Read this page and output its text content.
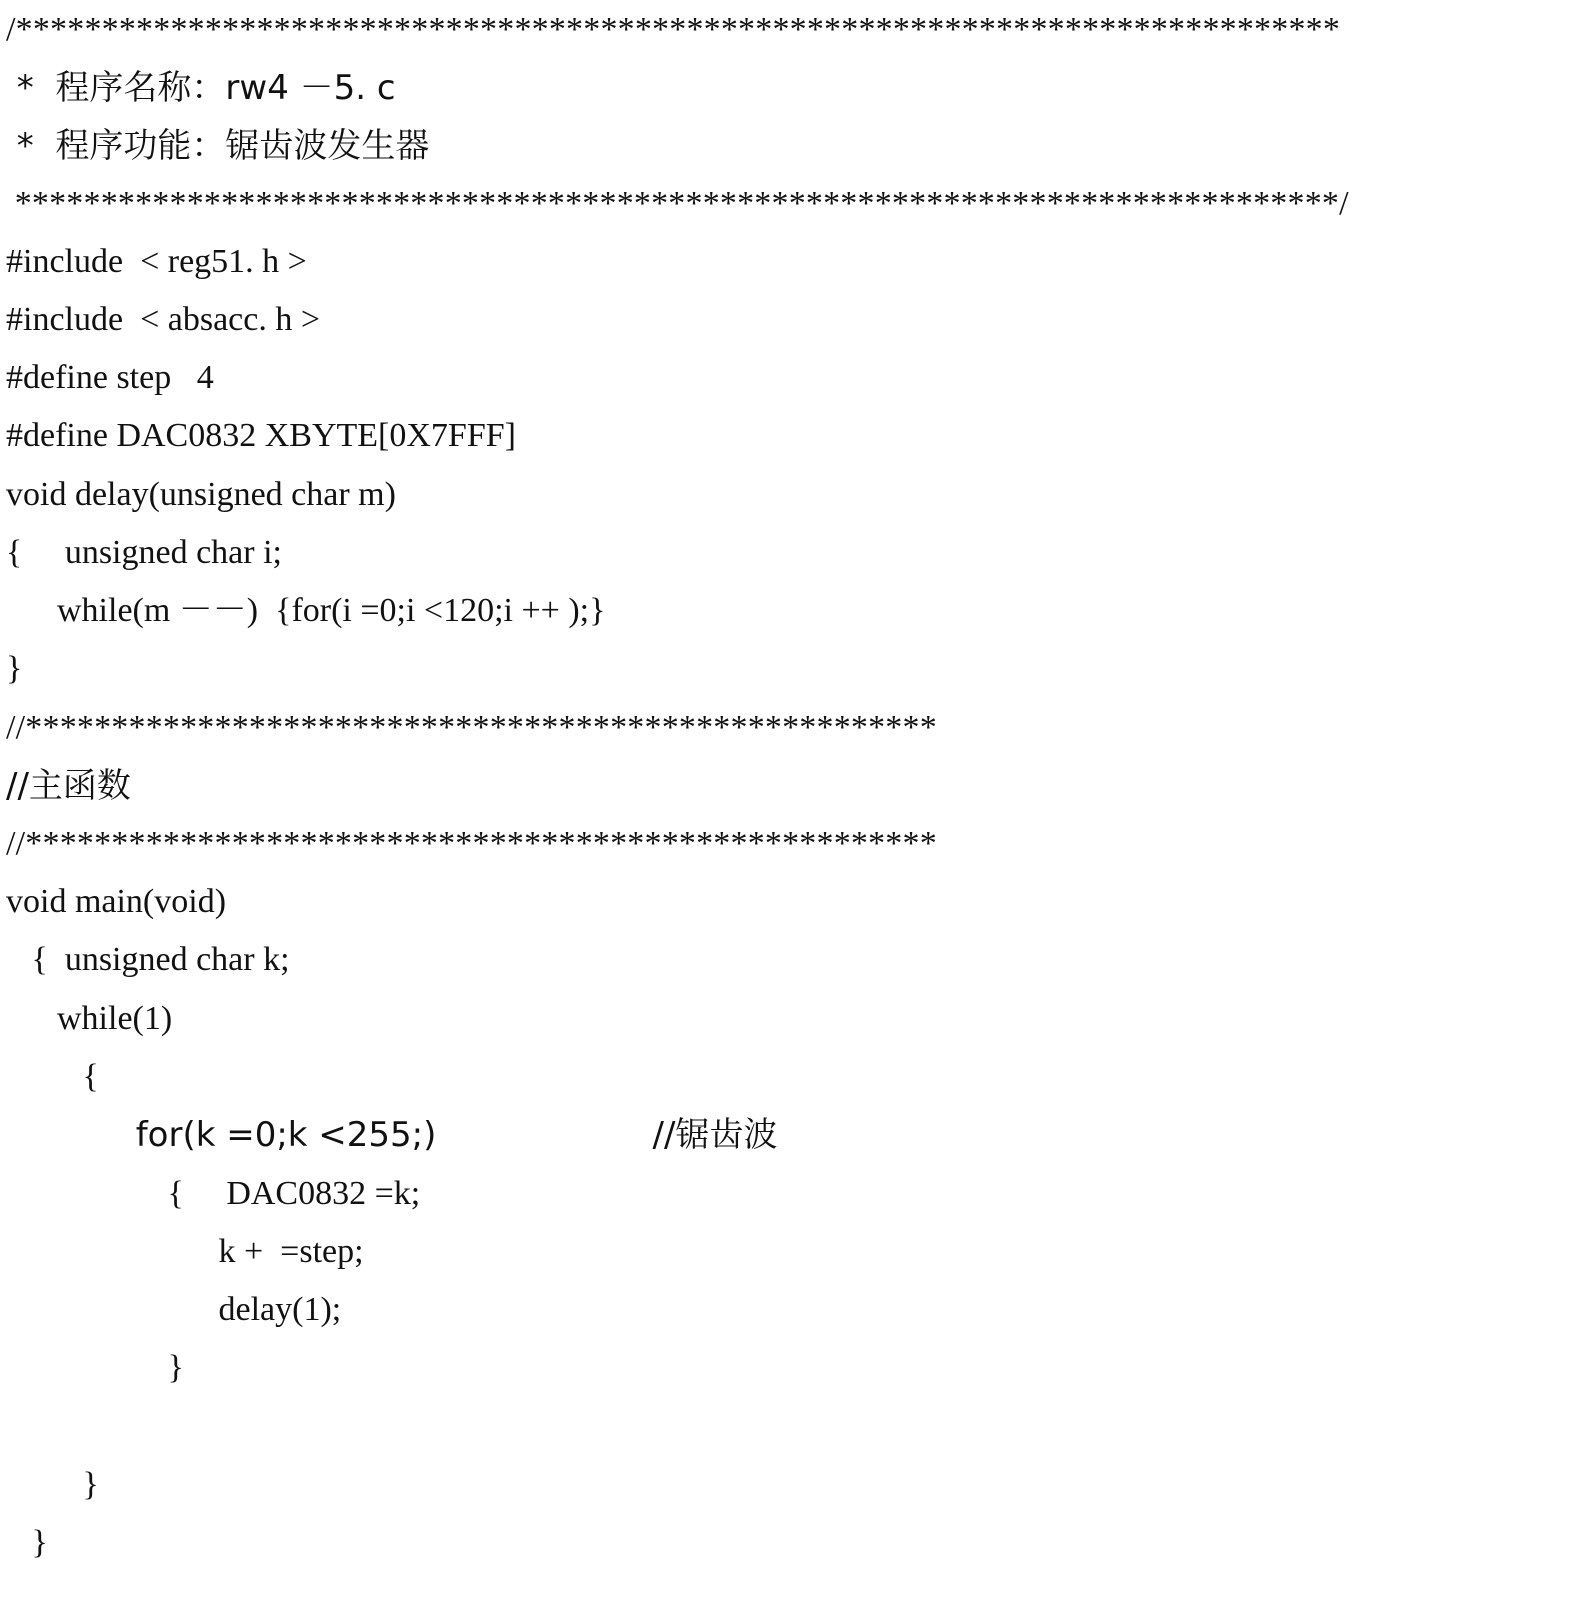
/*****************************************************************************
*  程序名称：rw4 －5. c
*  程序功能：锯齿波发生器
*****************************************************************************/
#include  < reg51. h >
#include  < absacc. h >
#define step   4
#define DAC0832 XBYTE[0X7FFF]
void delay(unsigned char m)
{     unsigned char i;
while(m －－)  {for(i =0;i <120;i ++ );}
}
//*****************************************************
//主函数
//*****************************************************
void main(void)
{  unsigned char k;
while(1)
{
for(k =0;k <255;)                    //锯齿波
{     DAC0832 =k;
k +  =step;
delay(1);
}
}
}
